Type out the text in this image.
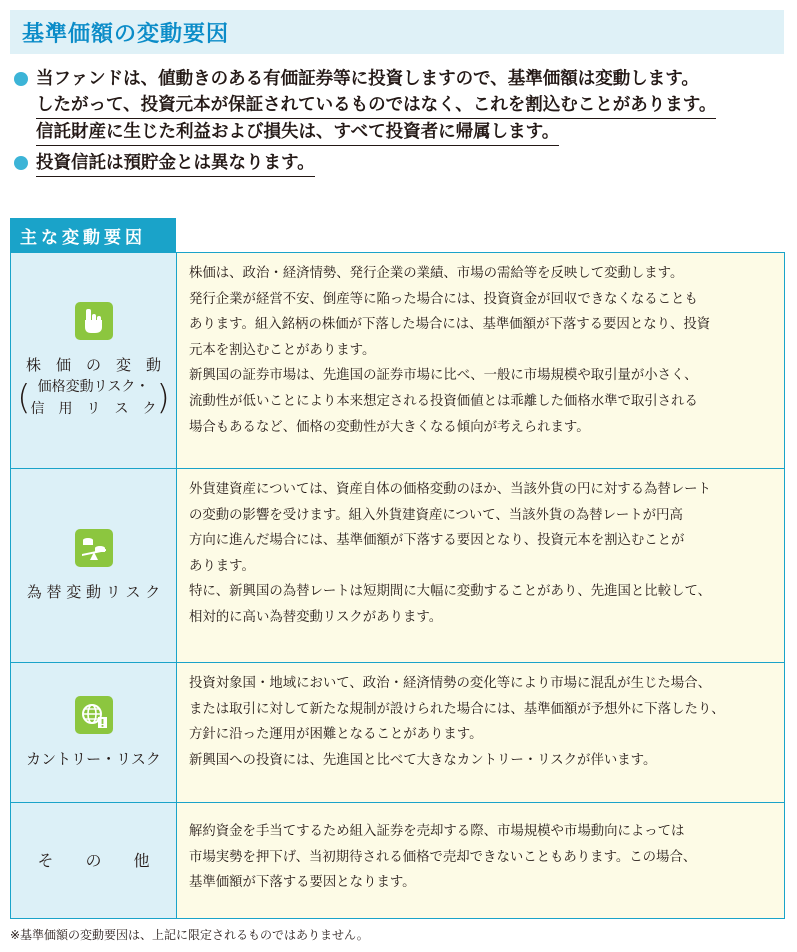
基準価額の変動要因
当ファンドは、値動きのある有価証券等に投資しますので、基準価額は変動します。
したがって、投資元本が保証されているものではなく、これを割込むことがあります。
信託財産に生じた利益および損失は、すべて投資者に帰属します。
投資信託は預貯金とは異なります。
主な変動要因
株　価　の　変　動
( 価格変動リスク・
信　用　リ　ス　ク )
株価は、政治・経済情勢、発行企業の業績、市場の需給等を反映して変動します。
発行企業が経営不安、倒産等に陥った場合には、投資資金が回収できなくなることも
あります。組入銘柄の株価が下落した場合には、基準価額が下落する要因となり、投資
元本を割込むことがあります。
新興国の証券市場は、先進国の証券市場に比べ、一般に市場規模や取引量が小さく、
流動性が低いことにより本来想定される投資価値とは乖離した価格水準で取引される
場合もあるなど、価格の変動性が大きくなる傾向が考えられます。
為 替 変 動 リ ス ク
外貨建資産については、資産自体の価格変動のほか、当該外貨の円に対する為替レート
の変動の影響を受けます。組入外貨建資産について、当該外貨の為替レートが円高
方向に進んだ場合には、基準価額が下落する要因となり、投資元本を割込むことが
あります。
特に、新興国の為替レートは短期間に大幅に変動することがあり、先進国と比較して、
相対的に高い為替変動リスクがあります。
カントリー・リスク
投資対象国・地域において、政治・経済情勢の変化等により市場に混乱が生じた場合、
または取引に対して新たな規制が設けられた場合には、基準価額が予想外に下落したり、
方針に沿った運用が困難となることがあります。
新興国への投資には、先進国と比べて大きなカントリー・リスクが伴います。
そ　　の　　他
解約資金を手当てするため組入証券を売却する際、市場規模や市場動向によっては
市場実勢を押下げ、当初期待される価格で売却できないこともあります。この場合、
基準価額が下落する要因となります。
※基準価額の変動要因は、上記に限定されるものではありません。
